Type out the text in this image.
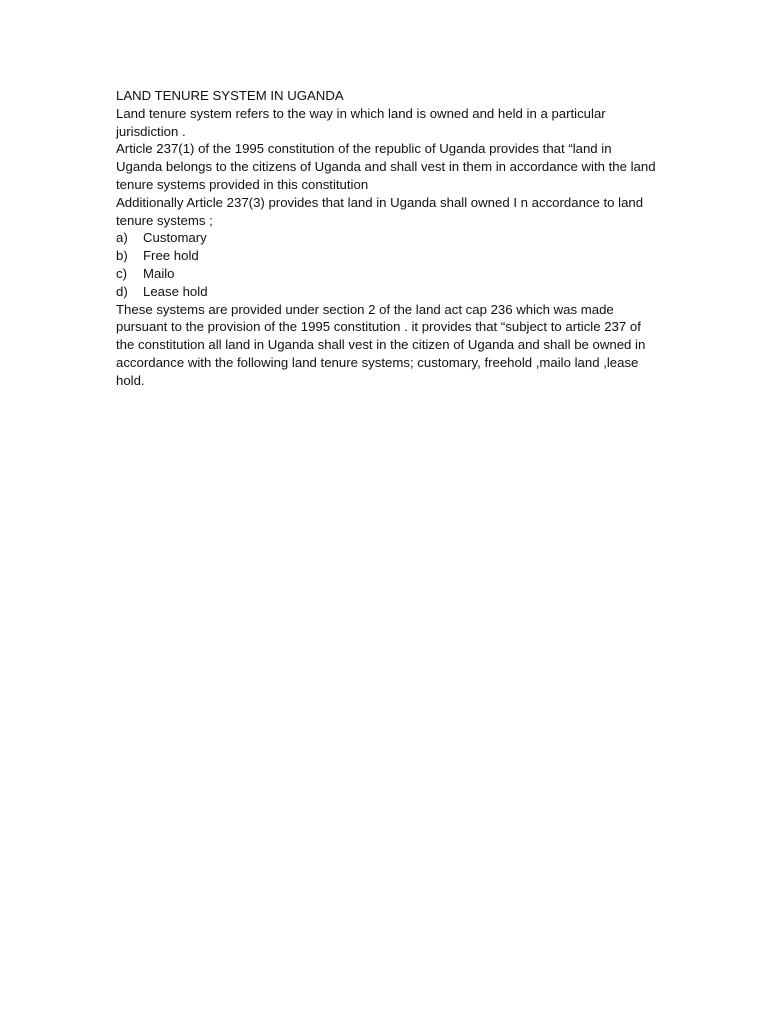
LAND TENURE SYSTEM IN UGANDA

Land tenure system refers to the way in which land is owned and held in a particular jurisdiction .

Article 237(1) of the 1995 constitution of the republic of Uganda provides that “land in Uganda belongs to the citizens of Uganda and shall vest in them in accordance with the land tenure systems provided in this constitution

Additionally Article 237(3) provides that land in Uganda shall owned I n accordance to land tenure systems ;

a)	Customary
b)	Free hold
c)	Mailo
d)	Lease hold

These systems are provided under section 2 of the land act cap 236 which was made pursuant to the provision of the 1995 constitution . it provides that “subject to article 237 of the constitution all land in Uganda shall vest in the citizen of Uganda and shall be owned in accordance with the following land tenure systems; customary, freehold ,mailo land ,lease hold.
